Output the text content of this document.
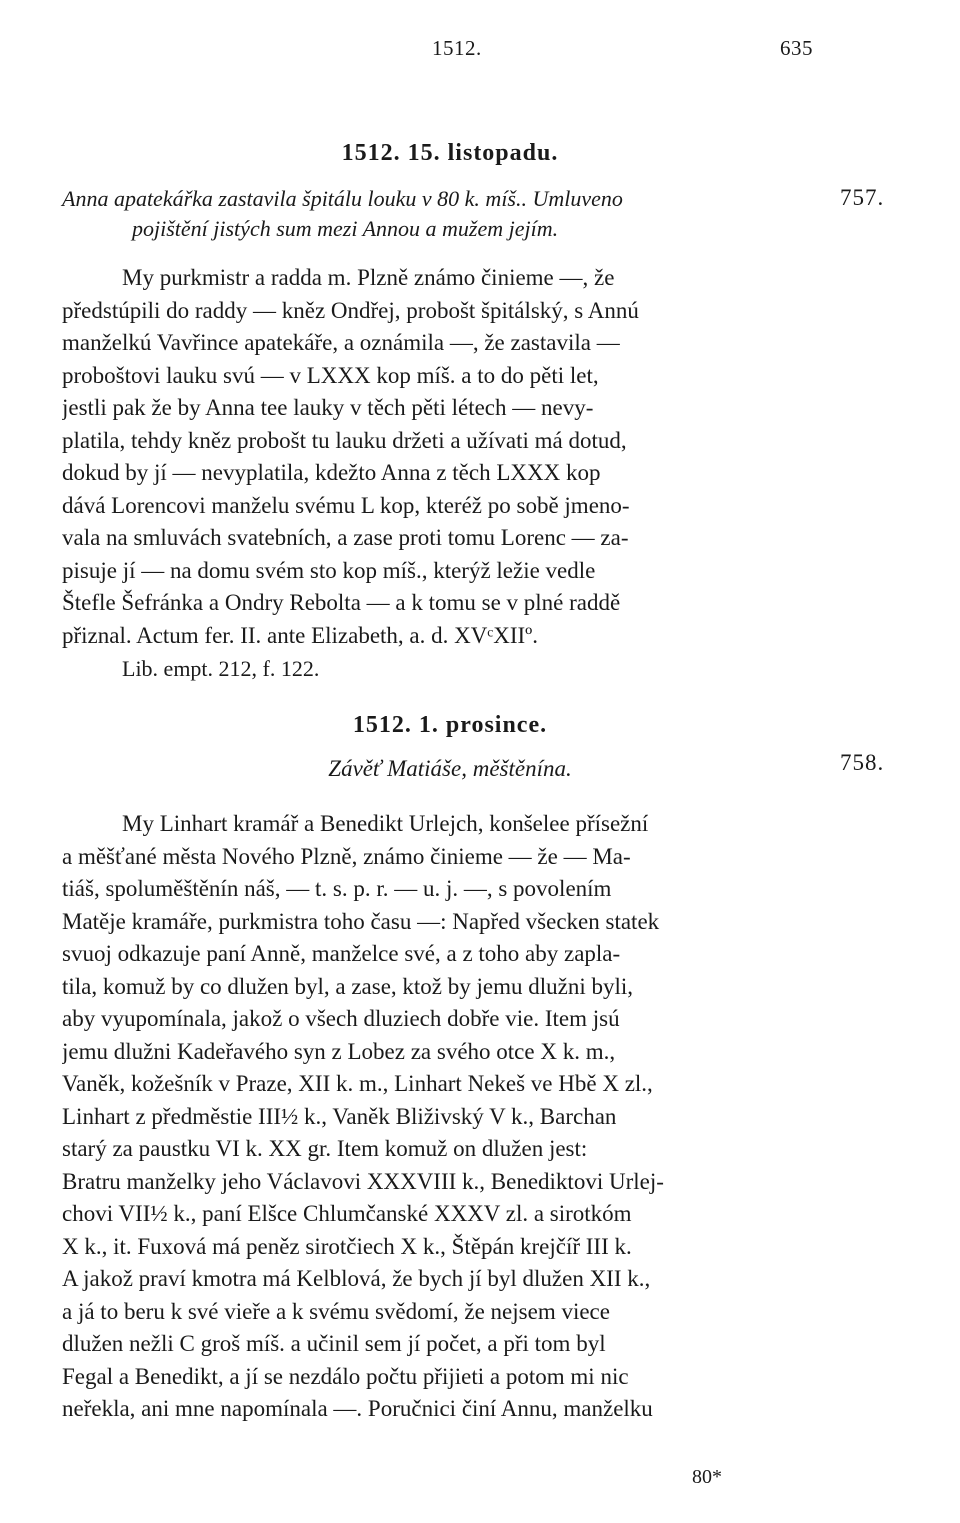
1512.	635
1512. 15. listopadu.
757.
Anna apatekářka zastavila špitálu louku v 80 k. míš.. Umluveno
pojištění jistých sum mezi Annou a mužem jejím.
My purkmistr a radda m. Plzně známo činieme —, že
předstúpili do raddy — kněz Ondřej, probošt špitálský, s Annú
manželkú Vavřince apatekáře, a oznámila —, že zastavila —
proboštovi lauku svú — v LXXX kop míš. a to do pěti let,
jestli pak že by Anna tee lauky v těch pěti létech — nevy-
platila, tehdy kněz probošt tu lauku držeti a užívati má dotud,
dokud by jí — nevyplatila, kdežto Anna z těch LXXX kop
dává Lorencovi manželu svému L kop, kteréž po sobě jmeno-
vala na smluvách svatebních, a zase proti tomu Lorenc — za-
pisuje jí — na domu svém sto kop míš., kterýž ležie vedle
Štefle Šefránka a Ondry Rebolta — a k tomu se v plné raddě
přiznal. Actum fer. II. ante Elizabeth, a. d. XVᶜXIIº.
Lib. empt. 212, f. 122.
1512. 1. prosince.
Závěť Matiáše, měštěnína.	758.
My Linhart kramář a Benedikt Urlejch, konšelee přísežní
a měšťané města Nového Plzně, známo činieme — že — Ma-
tiáš, spoluměštěnín náš, — t. s. p. r. — u. j. —, s povolením
Matěje kramáře, purkmistra toho času —: Napřed všecken statek
svuoj odkazuje paní Anně, manželce své, a z toho aby zapla-
tila, komuž by co dlužen byl, a zase, ktož by jemu dlužni byli,
aby vyupomínala, jakož o všech dluziech dobře vie. Item jsú
jemu dlužni Kadeřavého syn z Lobez za svého otce X k. m.,
Vaněk, kožešník v Praze, XII k. m., Linhart Nekeš ve Hbě X zl.,
Linhart z předměstie III½ k., Vaněk Bliživský V k., Barchan
starý za paustku VI k. XX gr. Item komuž on dlužen jest:
Bratru manželky jeho Václavovi XXXVIII k., Benediktovi Urlej-
chovi VII½ k., paní Elšce Chlumčanské XXXV zl. a sirotkóm
X k., it. Fuxová má peněz sirotčiech X k., Štěpán krejčíř III k.
A jakož praví kmotra má Kelblová, že bych jí byl dlužen XII k.,
a já to beru k své vieře a k svému svědomí, že nejsem viece
dlužen nežli C groš míš. a učinil sem jí počet, a při tom byl
Fegal a Benedikt, a jí se nezdálo počtu přijieti a potom mi nic
neřekla, ani mne napomínala —. Poručnici činí Annu, manželku
80*
